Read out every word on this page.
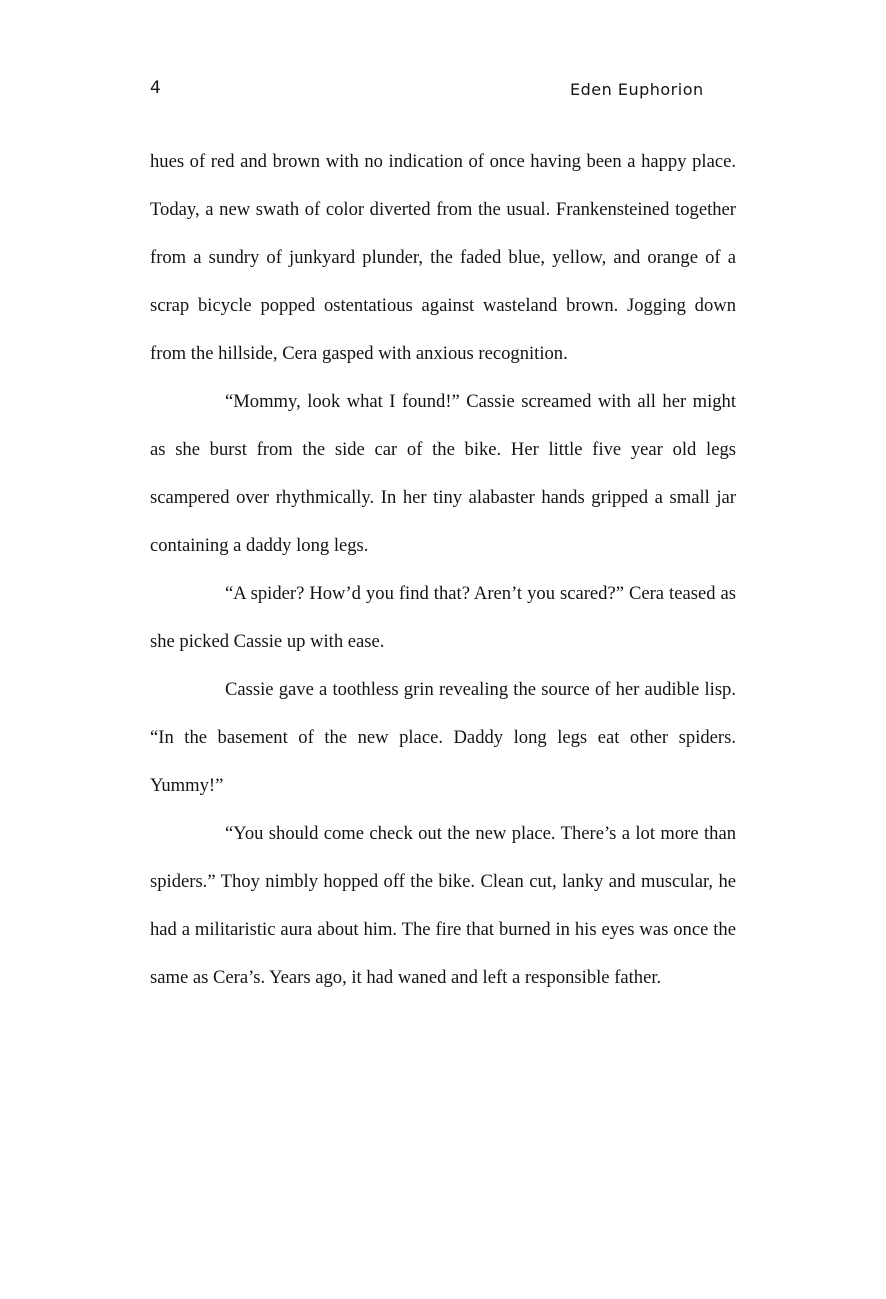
4	Eden Euphorion

hues of red and brown with no indication of once having been a happy place. Today, a new swath of color diverted from the usual. Frankensteined together from a sundry of junkyard plunder, the faded blue, yellow, and orange of a scrap bicycle popped ostentatious against wasteland brown. Jogging down from the hillside, Cera gasped with anxious recognition.

“Mommy, look what I found!” Cassie screamed with all her might as she burst from the side car of the bike. Her little five year old legs scampered over rhythmically. In her tiny alabaster hands gripped a small jar containing a daddy long legs.

“A spider? How’d you find that? Aren’t you scared?” Cera teased as she picked Cassie up with ease.

Cassie gave a toothless grin revealing the source of her audible lisp. “In the basement of the new place. Daddy long legs eat other spiders. Yummy!”

“You should come check out the new place. There’s a lot more than spiders.” Thoy nimbly hopped off the bike. Clean cut, lanky and muscular, he had a militaristic aura about him. The fire that burned in his eyes was once the same as Cera’s. Years ago, it had waned and left a responsible father.
